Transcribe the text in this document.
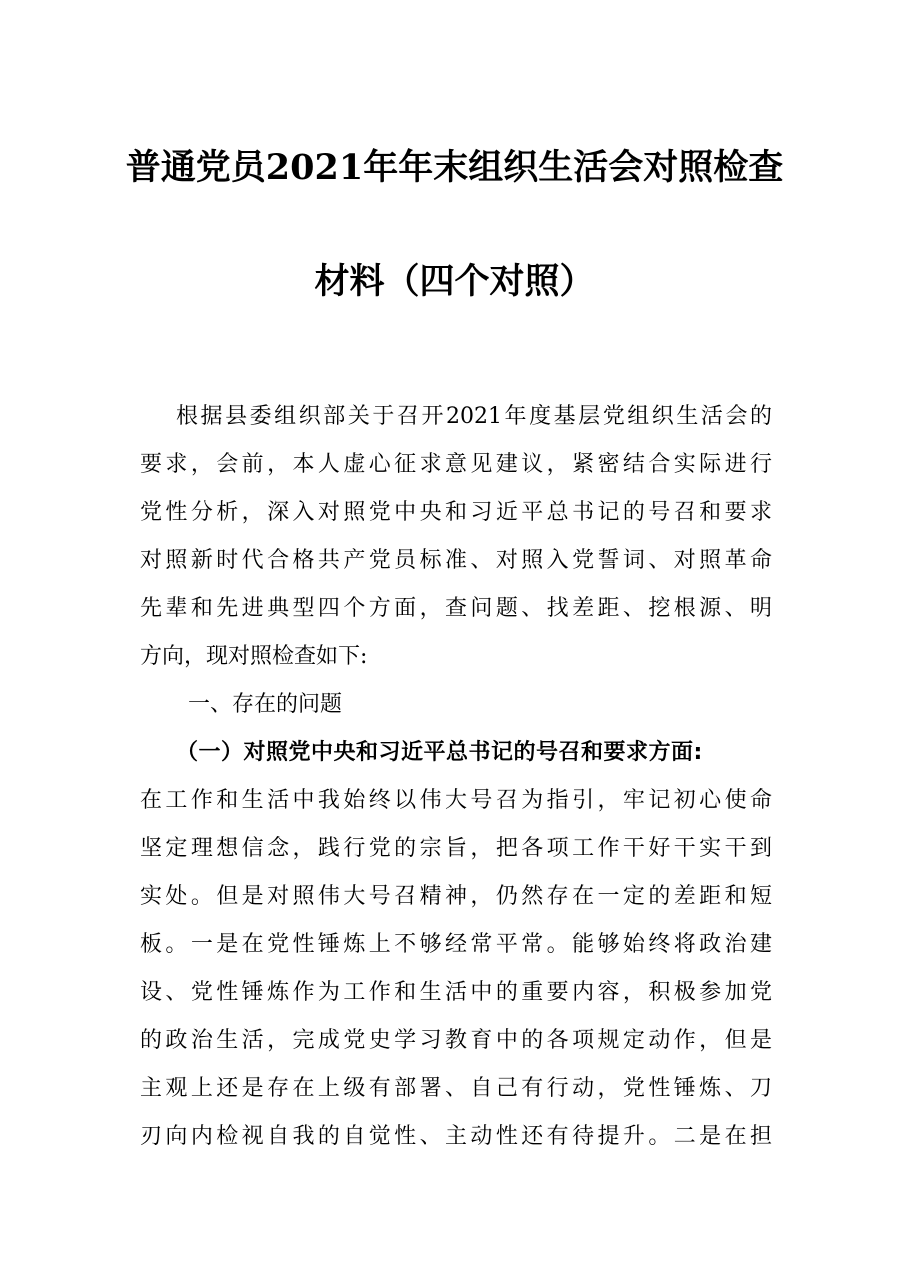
普通党员2021年年末组织生活会对照检查
材料（四个对照）
根据县委组织部关于召开2021年度基层党组织生活会的
要求，会前，本人虚心征求意见建议，紧密结合实际进行
党性分析，深入对照党中央和习近平总书记的号召和要求
对照新时代合格共产党员标准、对照入党誓词、对照革命
先辈和先进典型四个方面，查问题、找差距、挖根源、明
方向，现对照检查如下:
一、存在的问题
（一）对照党中央和习近平总书记的号召和要求方面:
在工作和生活中我始终以伟大号召为指引，牢记初心使命
坚定理想信念，践行党的宗旨，把各项工作干好干实干到
实处。但是对照伟大号召精神，仍然存在一定的差距和短
板。一是在党性锤炼上不够经常平常。能够始终将政治建
设、党性锤炼作为工作和生活中的重要内容，积极参加党
的政治生活，完成党史学习教育中的各项规定动作，但是
主观上还是存在上级有部署、自己有行动，党性锤炼、刀
刃向内检视自我的自觉性、主动性还有待提升。二是在担
